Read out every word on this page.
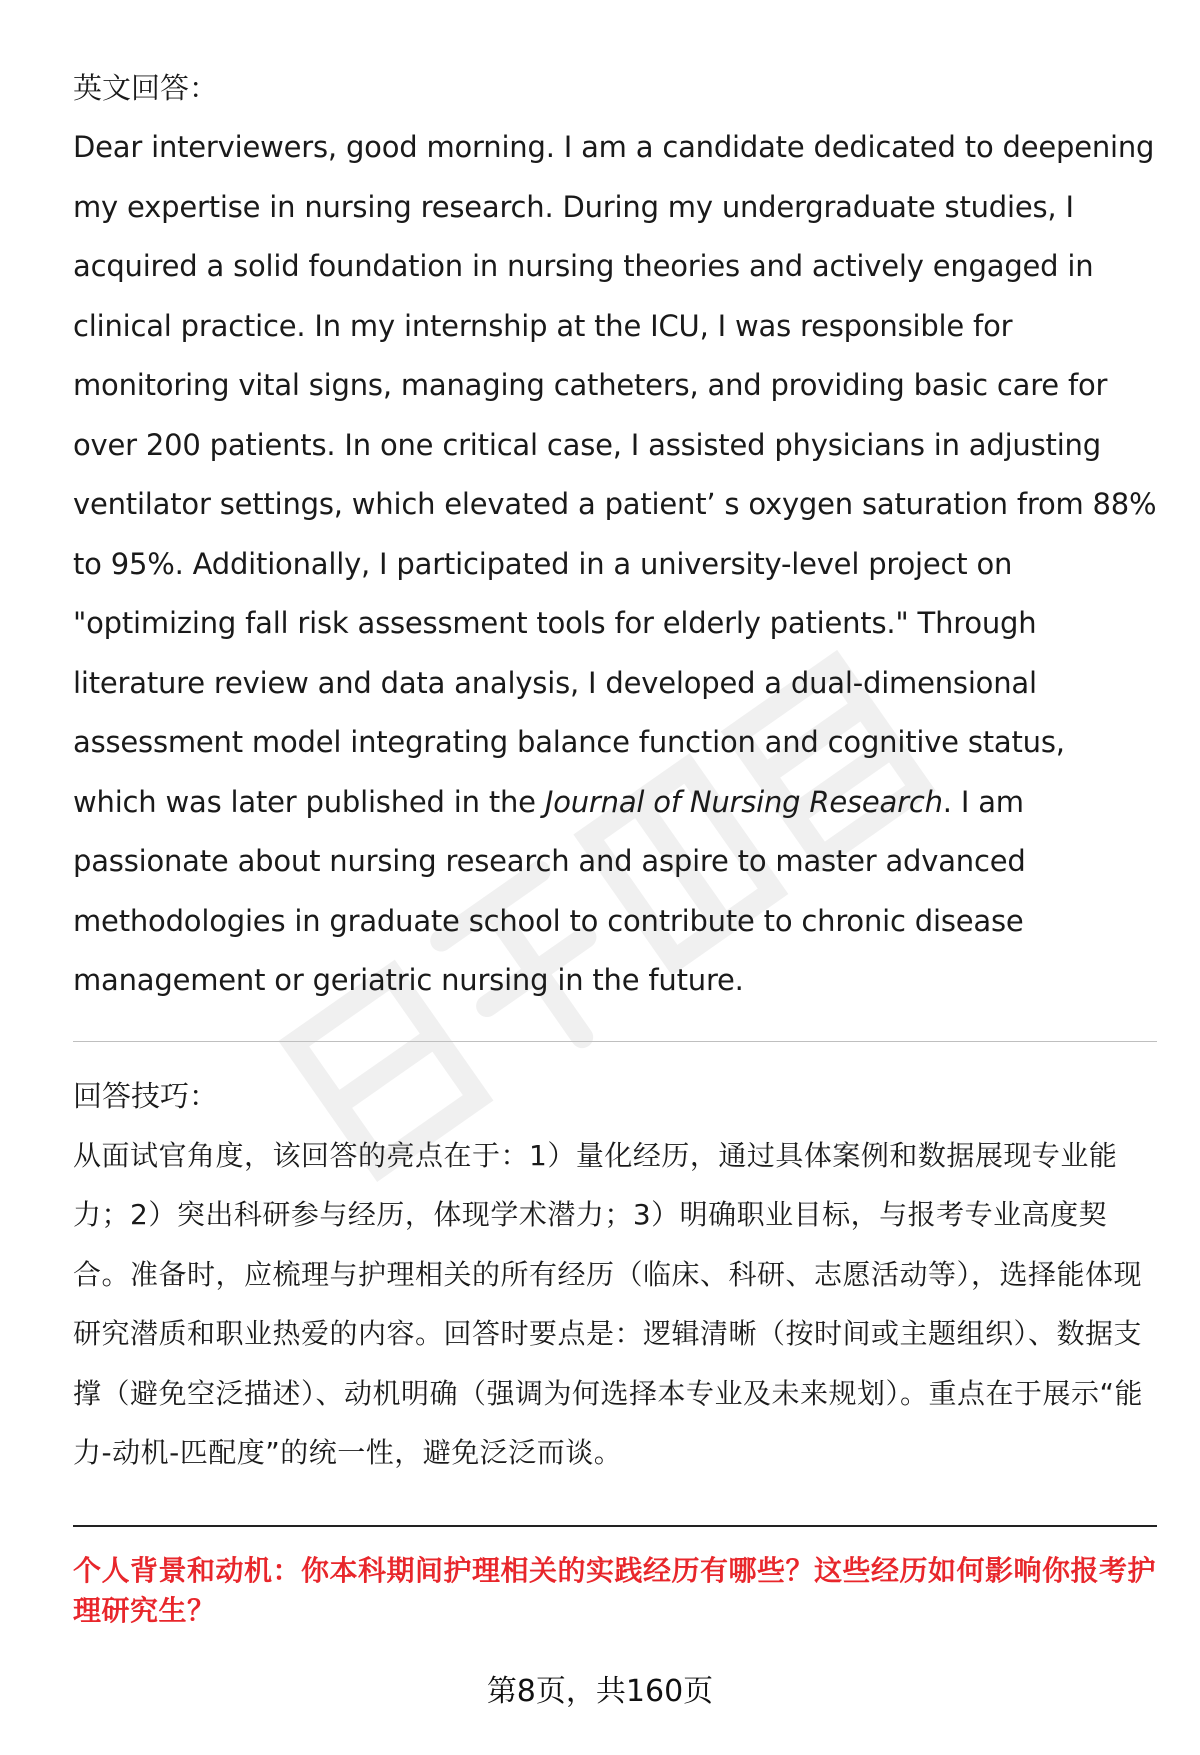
英文回答：

Dear interviewers, good morning. I am a candidate dedicated to deepening my expertise in nursing research. During my undergraduate studies, I acquired a solid foundation in nursing theories and actively engaged in clinical practice. In my internship at the ICU, I was responsible for monitoring vital signs, managing catheters, and providing basic care for over 200 patients. In one critical case, I assisted physicians in adjusting ventilator settings, which elevated a patient’ s oxygen saturation from 88% to 95%. Additionally, I participated in a university-level project on "optimizing fall risk assessment tools for elderly patients." Through literature review and data analysis, I developed a dual-dimensional assessment model integrating balance function and cognitive status, which was later published in the Journal of Nursing Research. I am passionate about nursing research and aspire to master advanced methodologies in graduate school to contribute to chronic disease management or geriatric nursing in the future.

回答技巧：

从面试官角度，该回答的亮点在于：1）量化经历，通过具体案例和数据展现专业能力；2）突出科研参与经历，体现学术潜力；3）明确职业目标，与报考专业高度契合。准备时，应梳理与护理相关的所有经历（临床、科研、志愿活动等），选择能体现研究潜质和职业热爱的内容。回答时要点是：逻辑清晰（按时间或主题组织）、数据支撑（避免空泛描述）、动机明确（强调为何选择本专业及未来规划）。重点在于展示“能力-动机-匹配度”的统一性，避免泛泛而谈。

个人背景和动机：你本科期间护理相关的实践经历有哪些？这些经历如何影响你报考护理研究生？
第8页，共160页
